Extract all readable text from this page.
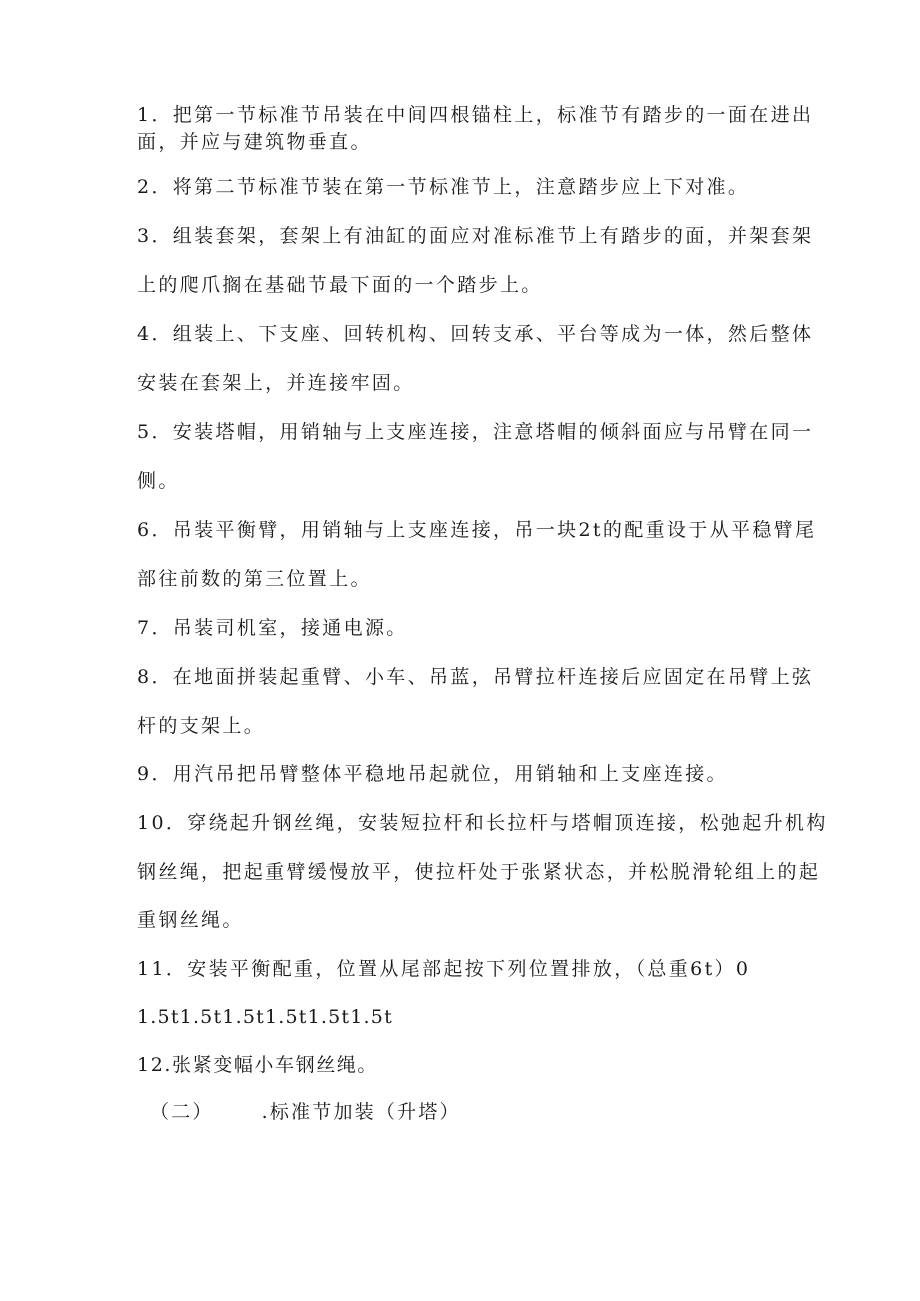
1．把第一节标准节吊装在中间四根锚柱上，标准节有踏步的一面在进出
面，并应与建筑物垂直。
2．将第二节标准节装在第一节标准节上，注意踏步应上下对准。
3．组装套架，套架上有油缸的面应对准标准节上有踏步的面，并架套架
上的爬爪搁在基础节最下面的一个踏步上。
4．组装上、下支座、回转机构、回转支承、平台等成为一体，然后整体
安装在套架上，并连接牢固。
5．安装塔帽，用销轴与上支座连接，注意塔帽的倾斜面应与吊臂在同一
侧。
6．吊装平衡臂，用销轴与上支座连接，吊一块2t的配重设于从平稳臂尾
部往前数的第三位置上。
7．吊装司机室，接通电源。
8．在地面拼装起重臂、小车、吊蓝，吊臂拉杆连接后应固定在吊臂上弦
杆的支架上。
9．用汽吊把吊臂整体平稳地吊起就位，用销轴和上支座连接。
10．穿绕起升钢丝绳，安装短拉杆和长拉杆与塔帽顶连接，松弛起升机构
钢丝绳，把起重臂缓慢放平，使拉杆处于张紧状态，并松脱滑轮组上的起
重钢丝绳。
11．安装平衡配重，位置从尾部起按下列位置排放，（总重6t）0
1.5t1.5t1.5t1.5t1.5t1.5t
12.张紧变幅小车钢丝绳。
（二）	.标准节加装（升塔）
